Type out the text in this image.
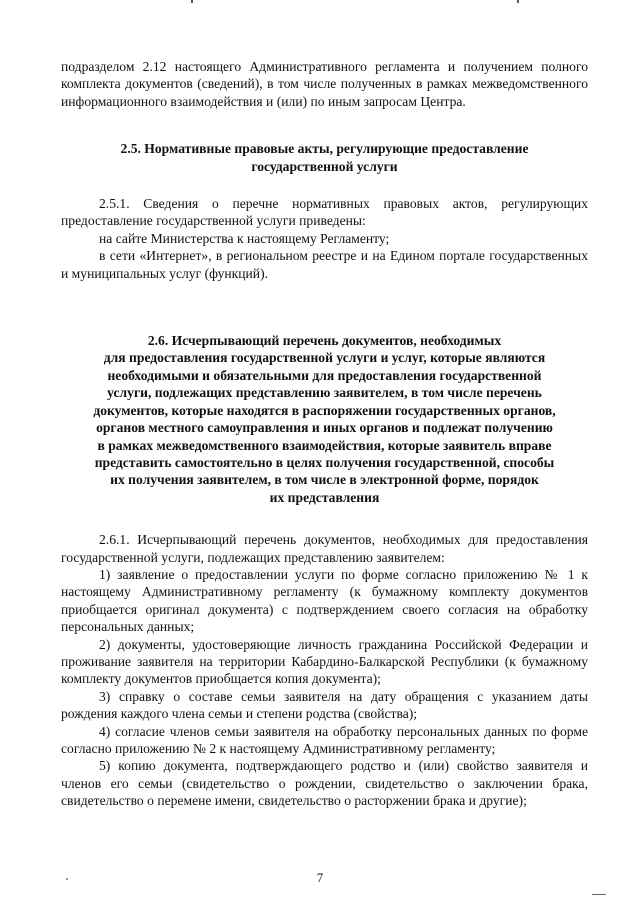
подразделом 2.12 настоящего Административного регламента и получением полного комплекта документов (сведений), в том числе полученных в рамках межведомственного информационного взаимодействия и (или) по иным запросам Центра.

2.5. Нормативные правовые акты, регулирующие предоставление
государственной услуги

2.5.1. Сведения о перечне нормативных правовых актов, регулирующих предоставление государственной услуги приведены:

на сайте Министерства к настоящему Регламенту;

в сети «Интернет», в региональном реестре и на Едином портале государственных и муниципальных услуг (функций).

2.6. Исчерпывающий перечень документов, необходимых
для предоставления государственной услуги и услуг, которые являются
необходимыми и обязательными для предоставления государственной
услуги, подлежащих представлению заявителем, в том числе перечень
документов, которые находятся в распоряжении государственных органов,
органов местного самоуправления и иных органов и подлежат получению
в рамках межведомственного взаимодействия, которые заявитель вправе
представить самостоятельно в целях получения государственной, способы
их получения заявителем, в том числе в электронной форме, порядок
их представления

2.6.1. Исчерпывающий перечень документов, необходимых для предоставления государственной услуги, подлежащих представлению заявителем:

1) заявление о предоставлении услуги по форме согласно приложению № 1 к настоящему Административному регламенту (к бумажному комплекту документов приобщается оригинал документа) с подтверждением своего согласия на обработку персональных данных;

2) документы, удостоверяющие личность гражданина Российской Федерации и проживание заявителя на территории Кабардино-Балкарской Республики (к бумажному комплекту документов приобщается копия документа);

3) справку о составе семьи заявителя на дату обращения с указанием даты рождения каждого члена семьи и степени родства (свойства);

4) согласие членов семьи заявителя на обработку персональных данных по форме согласно приложению № 2 к настоящему Административному регламенту;

5) копию документа, подтверждающего родство и (или) свойство заявителя и членов его семьи (свидетельство о рождении, свидетельство о заключении брака, свидетельство о перемене имени, свидетельство о расторжении брака и другие);

7
